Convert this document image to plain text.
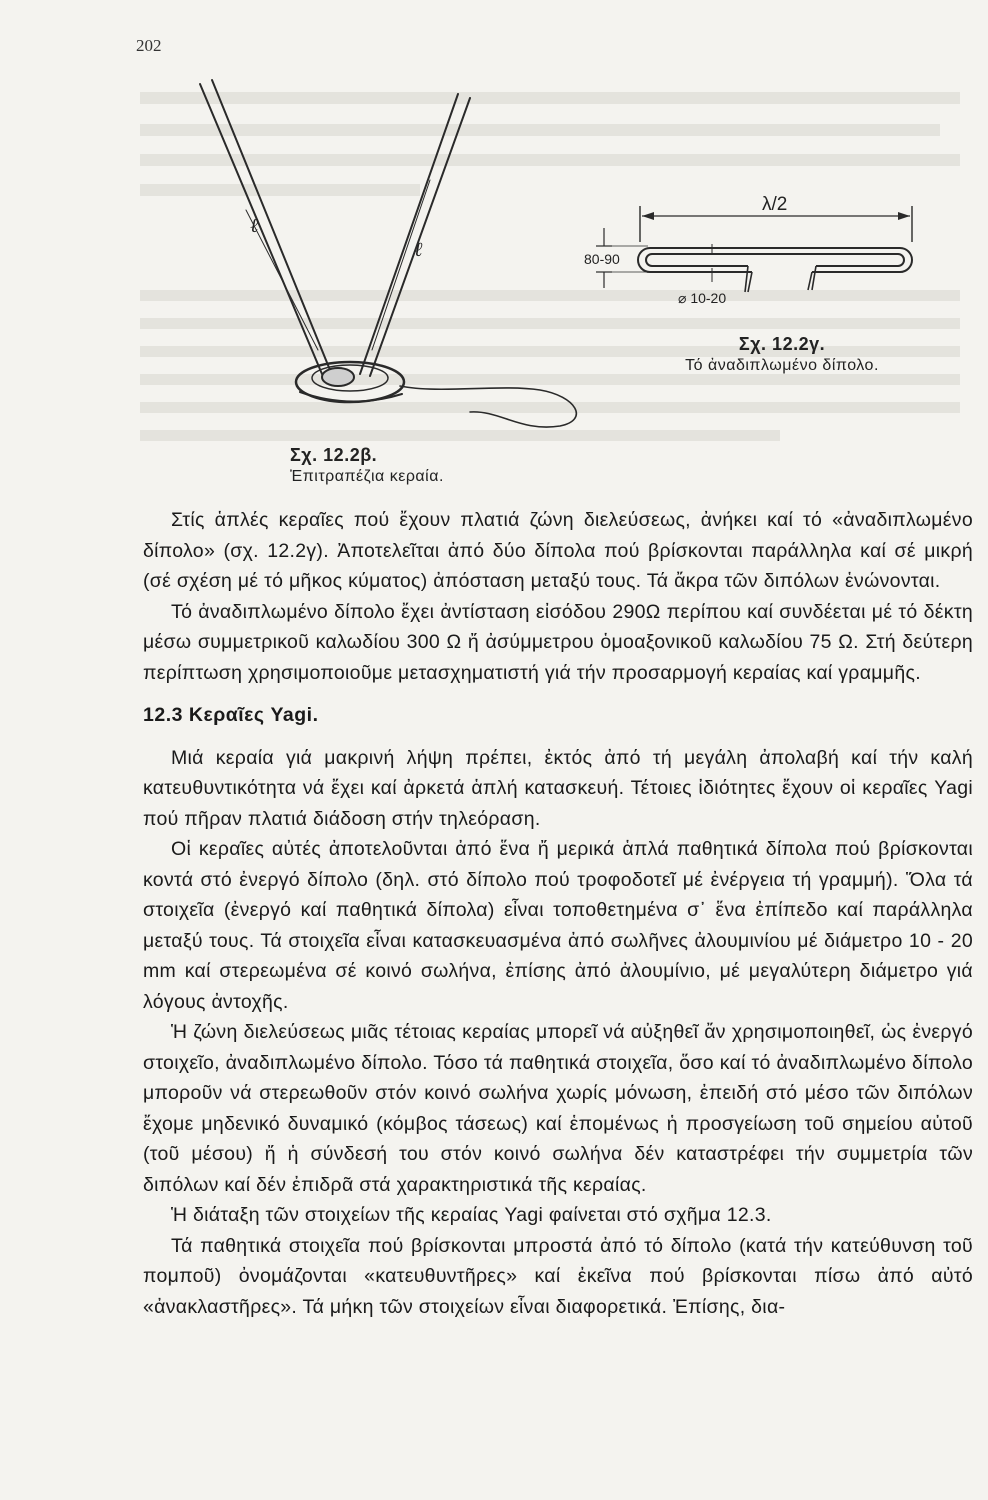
202
ℓ
ℓ
λ/2
80-90
⌀ 10-20
Σχ. 12.2β.
Ἐπιτραπέζια κεραία.
Σχ. 12.2γ.
Τό ἀναδιπλωμένο δίπολο.

Στίς ἁπλές κεραῖες πού ἔχουν πλατιά ζώνη διελεύσεως, ἀνήκει καί τό «ἀναδιπλωμένο δίπολο» (σχ. 12.2γ). Ἀποτελεῖται ἀπό δύο δίπολα πού βρίσκονται παράλληλα καί σέ μικρή (σέ σχέση μέ τό μῆκος κύματος) ἀπόσταση μεταξύ τους. Τά ἄκρα τῶν διπόλων ἑνώνονται.

Τό ἀναδιπλωμένο δίπολο ἔχει ἀντίσταση εἰσόδου 290Ω περίπου καί συνδέεται μέ τό δέκτη μέσω συμμετρικοῦ καλωδίου 300 Ω ἤ ἀσύμμετρου ὁμοαξονικοῦ καλωδίου 75 Ω. Στή δεύτερη περίπτωση χρησιμοποιοῦμε μετασχηματιστή γιά τήν προσαρμογή κεραίας καί γραμμῆς.

12.3 Κεραῖες Yagi.

Μιά κεραία γιά μακρινή λήψη πρέπει, ἐκτός ἀπό τή μεγάλη ἀπολαβή καί τήν καλή κατευθυντικότητα νά ἔχει καί ἀρκετά ἁπλή κατασκευή. Τέτοιες ἰδιότητες ἔχουν οἱ κεραῖες Yagi πού πῆραν πλατιά διάδοση στήν τηλεόραση.

Οἱ κεραῖες αὐτές ἀποτελοῦνται ἀπό ἕνα ἤ μερικά ἁπλά παθητικά δίπολα πού βρίσκονται κοντά στό ἐνεργό δίπολο (δηλ. στό δίπολο πού τροφοδοτεῖ μέ ἐνέργεια τή γραμμή). Ὅλα τά στοιχεῖα (ἐνεργό καί παθητικά δίπολα) εἶναι τοποθετημένα σ᾽ ἕνα ἐπίπεδο καί παράλληλα μεταξύ τους. Τά στοιχεῖα εἶναι κατασκευασμένα ἀπό σωλῆνες ἀλουμινίου μέ διάμετρο 10 - 20 mm καί στερεωμένα σέ κοινό σωλήνα, ἐπίσης ἀπό ἀλουμίνιο, μέ μεγαλύτερη διάμετρο γιά λόγους ἀντοχῆς.

Ἡ ζώνη διελεύσεως μιᾶς τέτοιας κεραίας μπορεῖ νά αὐξηθεῖ ἄν χρησιμοποιηθεῖ, ὡς ἐνεργό στοιχεῖο, ἀναδιπλωμένο δίπολο. Τόσο τά παθητικά στοιχεῖα, ὅσο καί τό ἀναδιπλωμένο δίπολο μποροῦν νά στερεωθοῦν στόν κοινό σωλήνα χωρίς μόνωση, ἐπειδή στό μέσο τῶν διπόλων ἔχομε μηδενικό δυναμικό (κόμβος τάσεως) καί ἑπομένως ἡ προσγείωση τοῦ σημείου αὐτοῦ (τοῦ μέσου) ἤ ἡ σύνδεσή του στόν κοινό σωλήνα δέν καταστρέφει τήν συμμετρία τῶν διπόλων καί δέν ἐπιδρᾶ στά χαρακτηριστικά τῆς κεραίας.

Ἡ διάταξη τῶν στοιχείων τῆς κεραίας Yagi φαίνεται στό σχῆμα 12.3.

Τά παθητικά στοιχεῖα πού βρίσκονται μπροστά ἀπό τό δίπολο (κατά τήν κατεύθυνση τοῦ πομποῦ) ὀνομάζονται «κατευθυντῆρες» καί ἐκεῖνα πού βρίσκονται πίσω ἀπό αὐτό «ἀνακλαστῆρες». Τά μήκη τῶν στοιχείων εἶναι διαφορετικά. Ἐπίσης, δια-
